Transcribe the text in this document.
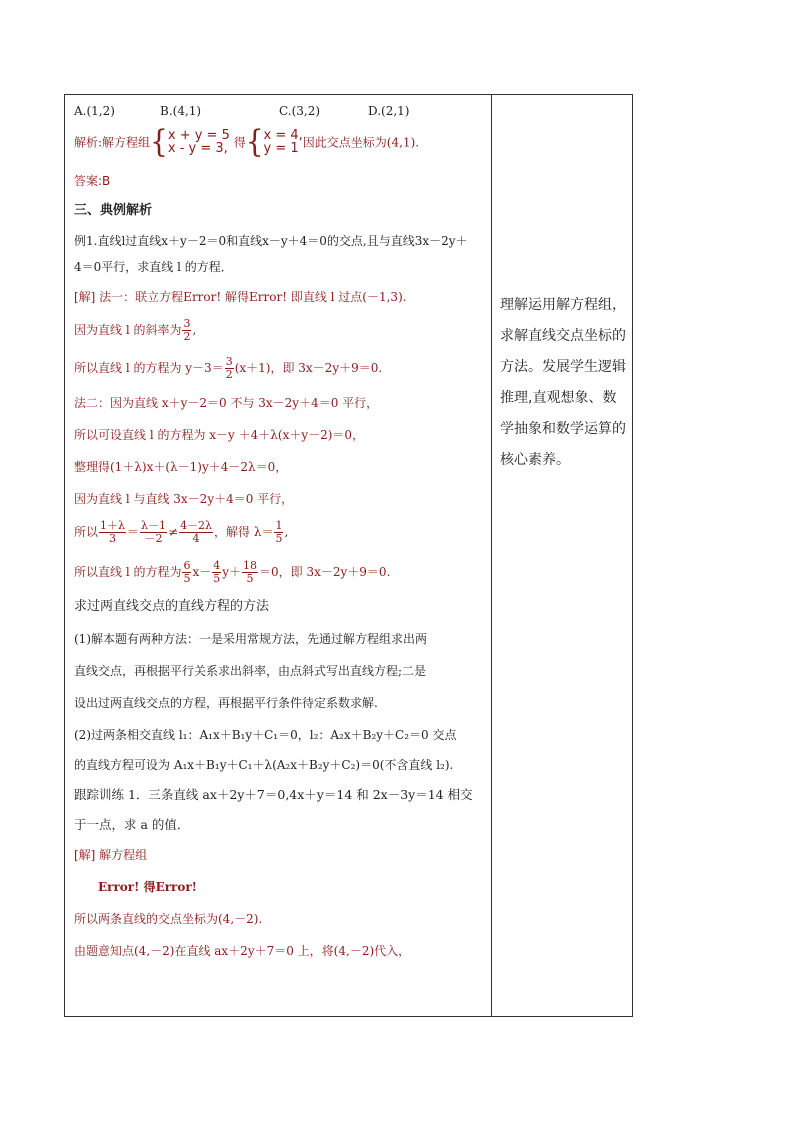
A.(1,2)	B.(4,1)	C.(3,2)	D.(2,1)
解析:解方程组{ x + y = 5
x - y = 3, 得{ x = 4,
y = 1 因此交点坐标为(4,1).
答案:B
三、典例解析
例1.直线l过直线x＋y－2＝0和直线x－y＋4＝0的交点,且与直线3x－2y＋
4＝0平行，求直线 l 的方程．
[解] 法一：联立方程Error! 解得Error! 即直线 l 过点(－1,3).
因为直线 l 的斜率为 $\frac{3}{2}$ ,
所以直线 l 的方程为 $y-3= \frac{3}{2} (x+1)$，即 3x－2y＋9＝0.
法二：因为直线 x＋y－2＝0 不与 3x－2y＋4＝0 平行，
所以可设直线 l 的方程为 x－y ＋4＋λ(x＋y－2)＝0，
整理得(1＋λ)x＋(λ－1)y＋4－2λ＝0，
因为直线 l 与直线 3x－2y＋4＝0 平行，
所以 $\frac{1+\lambda}{3} = \frac{\lambda-1}{-2} \ne \frac{4-2\lambda}{4}$ ，解得 $\lambda= \frac{1}{5}$ ,
所以直线 l 的方程为 $\frac{6}{5} x- \frac{4}{5} y+ \frac{18}{5} =0$，即 3x－2y＋9＝0.
求过两直线交点的直线方程的方法
(1)解本题有两种方法：一是采用常规方法，先通过解方程组求出两
直线交点，再根据平行关系求出斜率，由点斜式写出直线方程;二是
设出过两直线交点的方程，再根据平行条件待定系数求解.
(2)过两条相交直线 l₁：A₁x＋B₁y＋C₁＝0，l₂：A₂x＋B₂y＋C₂＝0 交点
的直线方程可设为 A₁x＋B₁y＋C₁＋λ(A₂x＋B₂y＋C₂)＝0(不含直线 l₂).
跟踪训练 1．三条直线 ax＋2y＋7＝0,4x＋y＝14 和 2x－3y＝14 相交
于一点，求 a 的值．
[解] 解方程组
Error! 得Error!
所以两条直线的交点坐标为(4,－2).
由题意知点(4,－2)在直线 ax＋2y＋7＝0 上，将(4,－2)代入，
理解运用解方程组，求解直线交点坐标的方法。发展学生逻辑推理,直观想象、数学抽象和数学运算的核心素养。
